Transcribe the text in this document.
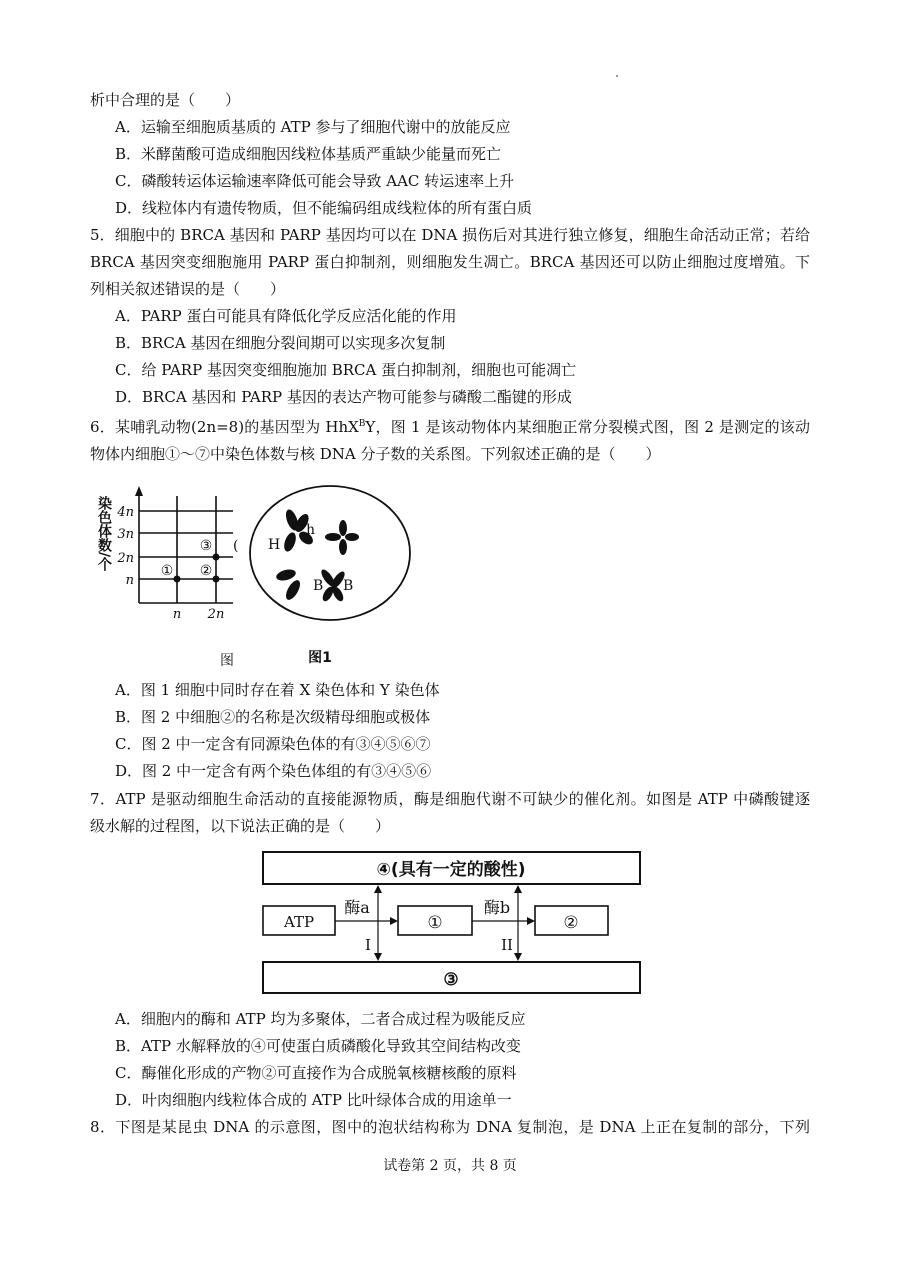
析中合理的是（　　）
A．运输至细胞质基质的 ATP 参与了细胞代谢中的放能反应
B．米酵菌酸可造成细胞因线粒体基质严重缺少能量而死亡
C．磷酸转运体运输速率降低可能会导致 AAC 转运速率上升
D．线粒体内有遗传物质，但不能编码组成线粒体的所有蛋白质
5．细胞中的 BRCA 基因和 PARP 基因均可以在 DNA 损伤后对其进行独立修复，细胞生命活动正常；若给
BRCA 基因突变细胞施用 PARP 蛋白抑制剂，则细胞发生凋亡。BRCA 基因还可以防止细胞过度增殖。下
列相关叙述错误的是（　　）
A．PARP 蛋白可能具有降低化学反应活化能的作用
B．BRCA 基因在细胞分裂间期可以实现多次复制
C．给 PARP 基因突变细胞施加 BRCA 蛋白抑制剂，细胞也可能凋亡
D．BRCA 基因和 PARP 基因的表达产物可能参与磷酸二酯键的形成
6．某哺乳动物(2n=8)的基因型为 HhX$^B$Y，图 1 是该动物体内某细胞正常分裂模式图，图 2 是测定的该动
物体内细胞①～⑦中染色体数与核 DNA 分子数的关系图。下列叙述正确的是（　　）
① ②
③ (
4n
3n
2n
n
n 2n
染色体数/个
图
H
h
B B
图1
④(具有一定的酸性)
ATP	①	②
③
酶a	酶b
I	II
A．图 1 细胞中同时存在着 X 染色体和 Y 染色体
B．图 2 中细胞②的名称是次级精母细胞或极体
C．图 2 中一定含有同源染色体的有③④⑤⑥⑦
D．图 2 中一定含有两个染色体组的有③④⑤⑥
7．ATP 是驱动细胞生命活动的直接能源物质，酶是细胞代谢不可缺少的催化剂。如图是 ATP 中磷酸键逐
级水解的过程图，以下说法正确的是（　　）
A．细胞内的酶和 ATP 均为多聚体，二者合成过程为吸能反应
B．ATP 水解释放的④可使蛋白质磷酸化导致其空间结构改变
C．酶催化形成的产物②可直接作为合成脱氧核糖核酸的原料
D．叶肉细胞内线粒体合成的 ATP 比叶绿体合成的用途单一
8．下图是某昆虫 DNA 的示意图，图中的泡状结构称为 DNA 复制泡，是 DNA 上正在复制的部分，下列
试卷第 2 页，共 8 页
